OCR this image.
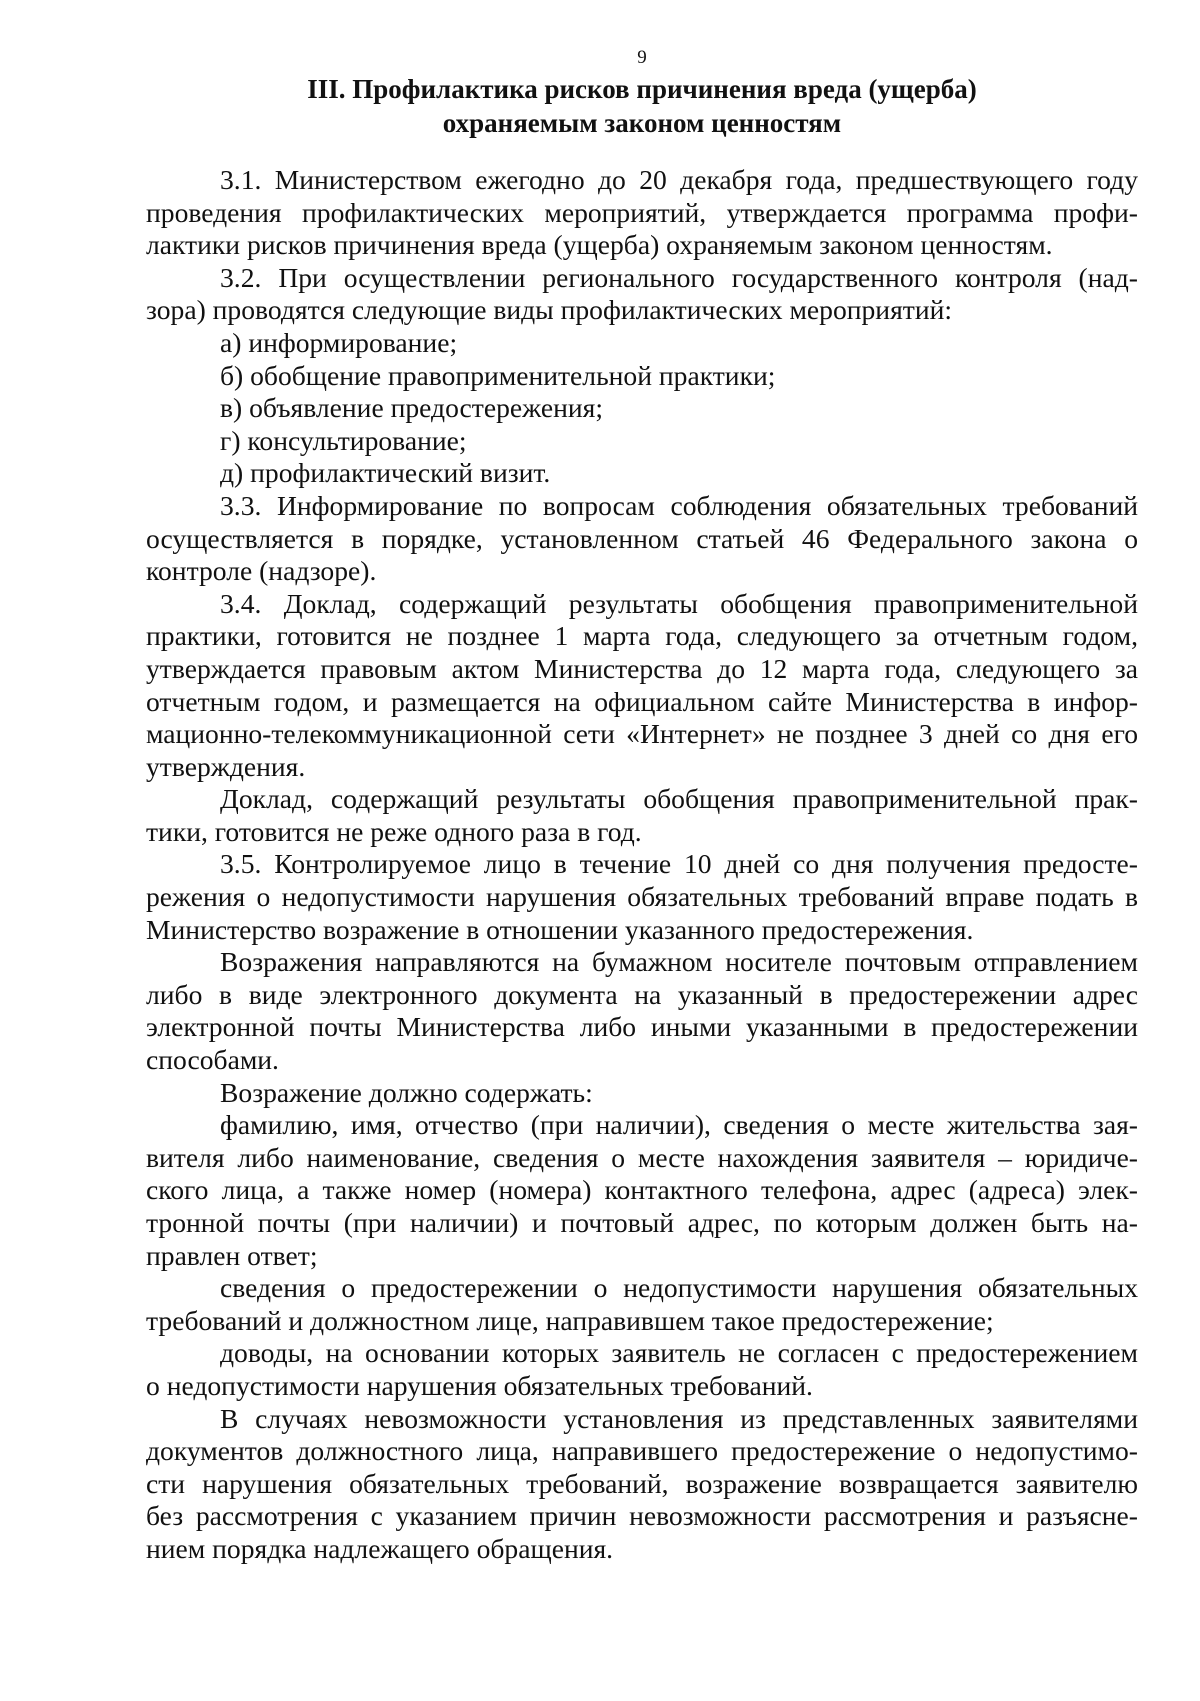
9
III. Профилактика рисков причинения вреда (ущерба)
охраняемым законом ценностям
3.1. Министерством ежегодно до 20 декабря года, предшествующего году
проведения профилактических мероприятий, утверждается программа профи-
лактики рисков причинения вреда (ущерба) охраняемым законом ценностям.
3.2. При осуществлении регионального государственного контроля (над-
зора) проводятся следующие виды профилактических мероприятий:
а) информирование;
б) обобщение правоприменительной практики;
в) объявление предостережения;
г) консультирование;
д) профилактический визит.
3.3. Информирование по вопросам соблюдения обязательных требований
осуществляется в порядке, установленном статьей 46 Федерального закона о
контроле (надзоре).
3.4. Доклад, содержащий результаты обобщения правоприменительной
практики, готовится не позднее 1 марта года, следующего за отчетным годом,
утверждается правовым актом Министерства до 12 марта года, следующего за
отчетным годом, и размещается на официальном сайте Министерства в инфор-
мационно-телекоммуникационной сети «Интернет» не позднее 3 дней со дня его
утверждения.
Доклад, содержащий результаты обобщения правоприменительной прак-
тики, готовится не реже одного раза в год.
3.5. Контролируемое лицо в течение 10 дней со дня получения предосте-
режения о недопустимости нарушения обязательных требований вправе подать в
Министерство возражение в отношении указанного предостережения.
Возражения направляются на бумажном носителе почтовым отправлением
либо в виде электронного документа на указанный в предостережении адрес
электронной почты Министерства либо иными указанными в предостережении
способами.
Возражение должно содержать:
фамилию, имя, отчество (при наличии), сведения о месте жительства зая-
вителя либо наименование, сведения о месте нахождения заявителя – юридиче-
ского лица, а также номер (номера) контактного телефона, адрес (адреса) элек-
тронной почты (при наличии) и почтовый адрес, по которым должен быть на-
правлен ответ;
сведения о предостережении о недопустимости нарушения обязательных
требований и должностном лице, направившем такое предостережение;
доводы, на основании которых заявитель не согласен с предостережением
о недопустимости нарушения обязательных требований.
В случаях невозможности установления из представленных заявителями
документов должностного лица, направившего предостережение о недопустимо-
сти нарушения обязательных требований, возражение возвращается заявителю
без рассмотрения с указанием причин невозможности рассмотрения и разъясне-
нием порядка надлежащего обращения.
